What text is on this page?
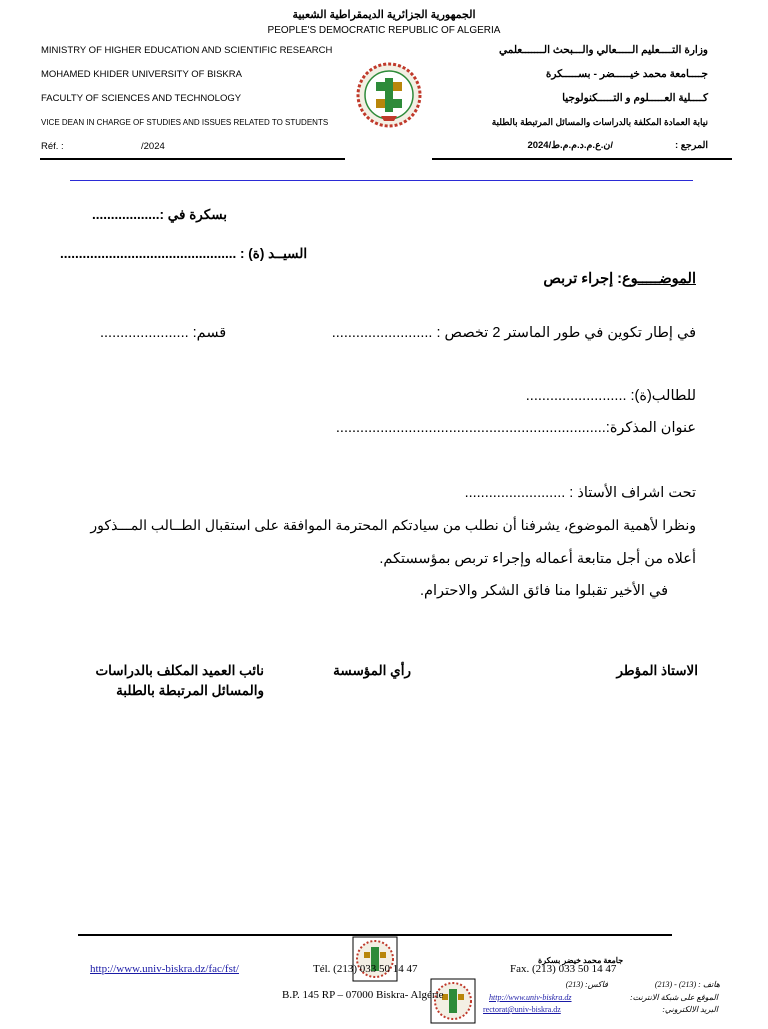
الجمهورية الجزائرية الديمقراطية الشعبية
PEOPLE'S DEMOCRATIC REPUBLIC OF ALGERIA
MINISTRY OF HIGHER EDUCATION AND SCIENTIFIC RESEARCH
MOHAMED KHIDER UNIVERSITY OF BISKRA
FACULTY OF SCIENCES AND TECHNOLOGY
VICE DEAN IN CHARGE OF STUDIES AND ISSUES RELATED TO STUDENTS
Réf. :	/2024
وزارة التــــعليم الـــــعالي والـــبحث الـــــــعلمي
جــــامعة محمد خيـــــضر - بســـــكرة
كــــلية العـــــلوم و التـــــكنولوجيا
نيابة العمادة المكلفة بالدراسات والمسائل المرتبطة بالطلبة
المرجع :
/ن.ع.م.د.م.م.ط/2024
بسكرة في :..................
السيــد (ة) : ...............................................
الموضـــــوع: إجراء تربص
في إطار تكوين في طور الماستر 2 تخصص : .........................
قسم: ......................
للطالب(ة): .........................
عنوان المذكرة:...................................................................
تحت اشراف الأستاذ : .........................
ونظرا لأهمية الموضوع، يشرفنا أن نطلب من سيادتكم المحترمة الموافقة على استقبال الطــالب المـــذكور
أعلاه من أجل متابعة أعماله وإجراء تربص بمؤسستكم.
في الأخير تقبلوا منا فائق الشكر والاحترام.
الاستاذ المؤطر
رأي المؤسسة
نائب العميد المكلف بالدراسات
والمسائل المرتبطة بالطلبة
http://www.univ-biskra.dz/fac/fst/	Tél. (213) 033 50 14 47	Fax. (213) 033 50 14 47
B.P. 145 RP – 07000 Biskra- Algérie
جامعة محمد خيضر بسكرة
هاتف : (213) - (213)
فاكس: (213)
الموقع على شبكة الانترنت:
http://www.univ-biskra.dz
البريد الالكتروني:
rectorat@univ-biskra.dz
